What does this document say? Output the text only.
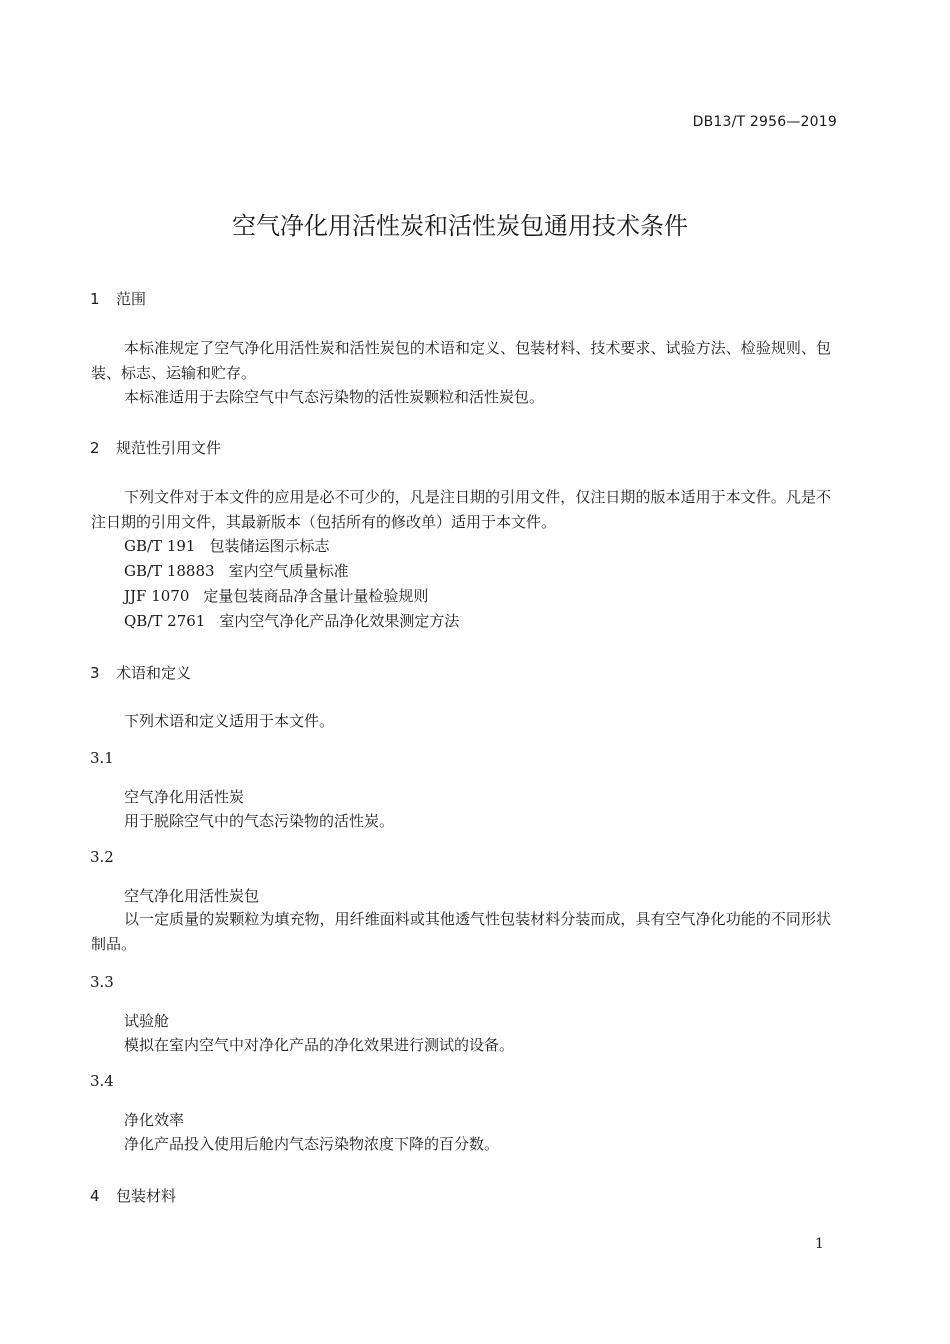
DB13/T 2956—2019
空气净化用活性炭和活性炭包通用技术条件
1 范围
本标准规定了空气净化用活性炭和活性炭包的术语和定义、包装材料、技术要求、试验方法、检验规则、包装、标志、运输和贮存。
本标准适用于去除空气中气态污染物的活性炭颗粒和活性炭包。
2 规范性引用文件
下列文件对于本文件的应用是必不可少的，凡是注日期的引用文件，仅注日期的版本适用于本文件。凡是不注日期的引用文件，其最新版本（包括所有的修改单）适用于本文件。
GB/T 191 包装储运图示标志
GB/T 18883 室内空气质量标准
JJF 1070 定量包装商品净含量计量检验规则
QB/T 2761 室内空气净化产品净化效果测定方法
3 术语和定义
下列术语和定义适用于本文件。
3.1
空气净化用活性炭
用于脱除空气中的气态污染物的活性炭。
3.2
空气净化用活性炭包
以一定质量的炭颗粒为填充物，用纤维面料或其他透气性包装材料分装而成，具有空气净化功能的不同形状制品。
3.3
试验舱
模拟在室内空气中对净化产品的净化效果进行测试的设备。
3.4
净化效率
净化产品投入使用后舱内气态污染物浓度下降的百分数。
4 包装材料
1
